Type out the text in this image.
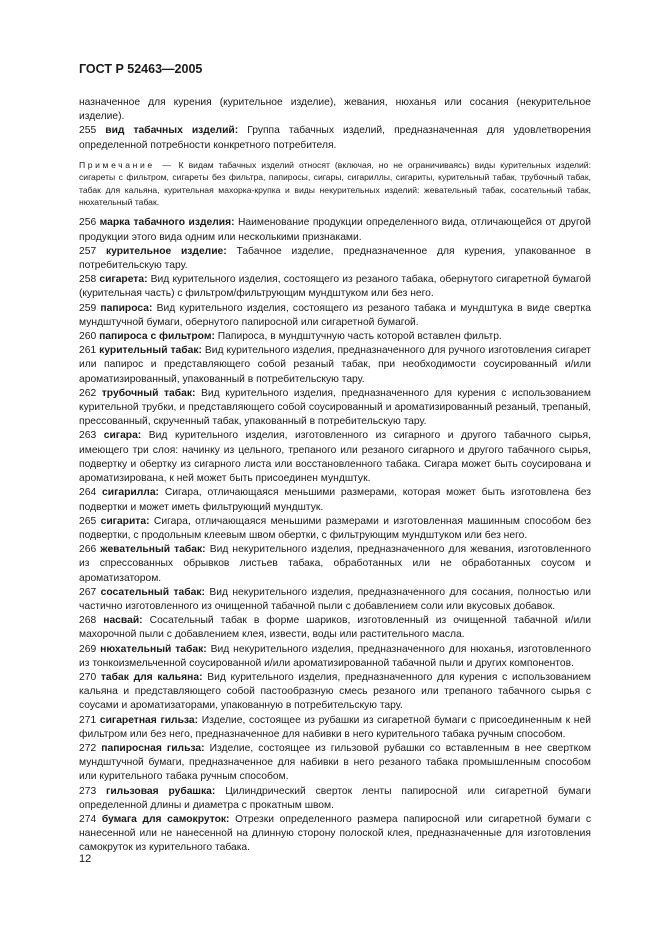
ГОСТ Р 52463—2005

назначенное для курения (курительное изделие), жевания, нюханья или сосания (некурительное изделие).

255 вид табачных изделий: Группа табачных изделий, предназначенная для удовлетворения определенной потребности конкретного потребителя.

Примечание — К видам табачных изделий относят (включая, но не ограничиваясь) виды курительных изделий: сигареты с фильтром, сигареты без фильтра, папиросы, сигары, сигариллы, сигариты, курительный табак, трубочный табак, табак для кальяна, курительная махорка-крупка и виды некурительных изделий: жевательный табак, сосательный табак, нюхательный табак.

256 марка табачного изделия: Наименование продукции определенного вида, отличающейся от другой продукции этого вида одним или несколькими признаками.

257 курительное изделие: Табачное изделие, предназначенное для курения, упакованное в потребительскую тару.

258 сигарета: Вид курительного изделия, состоящего из резаного табака, обернутого сигаретной бумагой (курительная часть) с фильтром/фильтрующим мундштуком или без него.

259 папироса: Вид курительного изделия, состоящего из резаного табака и мундштука в виде свертка мундштучной бумаги, обернутого папиросной или сигаретной бумагой.

260 папироса с фильтром: Папироса, в мундштучную часть которой вставлен фильтр.

261 курительный табак: Вид курительного изделия, предназначенного для ручного изготовления сигарет или папирос и представляющего собой резаный табак, при необходимости соусированный и/или ароматизированный, упакованный в потребительскую тару.

262 трубочный табак: Вид курительного изделия, предназначенного для курения с использованием курительной трубки, и представляющего собой соусированный и ароматизированный резаный, трепаный, прессованный, скрученный табак, упакованный в потребительскую тару.

263 сигара: Вид курительного изделия, изготовленного из сигарного и другого табачного сырья, имеющего три слоя: начинку из цельного, трепаного или резаного сигарного и другого табачного сырья, подвертку и обертку из сигарного листа или восстановленного табака. Сигара может быть соусирована и ароматизирована, к ней может быть присоединен мундштук.

264 сигарилла: Сигара, отличающаяся меньшими размерами, которая может быть изготовлена без подвертки и может иметь фильтрующий мундштук.

265 сигарита: Сигара, отличающаяся меньшими размерами и изготовленная машинным способом без подвертки, с продольным клеевым швом обертки, с фильтрующим мундштуком или без него.

266 жевательный табак: Вид некурительного изделия, предназначенного для жевания, изготовленного из спрессованных обрывков листьев табака, обработанных или не обработанных соусом и ароматизатором.

267 сосательный табак: Вид некурительного изделия, предназначенного для сосания, полностью или частично изготовленного из очищенной табачной пыли с добавлением соли или вкусовых добавок.

268 насвай: Сосательный табак в форме шариков, изготовленный из очищенной табачной и/или махорочной пыли с добавлением клея, извести, воды или растительного масла.

269 нюхательный табак: Вид некурительного изделия, предназначенного для нюханья, изготовленного из тонкоизмельченной соусированной и/или ароматизированной табачной пыли и других компонентов.

270 табак для кальяна: Вид курительного изделия, предназначенного для курения с использованием кальяна и представляющего собой пастообразную смесь резаного или трепаного табачного сырья с соусами и ароматизаторами, упакованную в потребительскую тару.

271 сигаретная гильза: Изделие, состоящее из рубашки из сигаретной бумаги с присоединенным к ней фильтром или без него, предназначенное для набивки в него курительного табака ручным способом.

272 папиросная гильза: Изделие, состоящее из гильзовой рубашки со вставленным в нее свертком мундштучной бумаги, предназначенное для набивки в него резаного табака промышленным способом или курительного табака ручным способом.

273 гильзовая рубашка: Цилиндрический сверток ленты папиросной или сигаретной бумаги определенной длины и диаметра с прокатным швом.

274 бумага для самокруток: Отрезки определенного размера папиросной или сигаретной бумаги с нанесенной или не нанесенной на длинную сторону полоской клея, предназначенные для изготовления самокруток из курительного табака.

12
